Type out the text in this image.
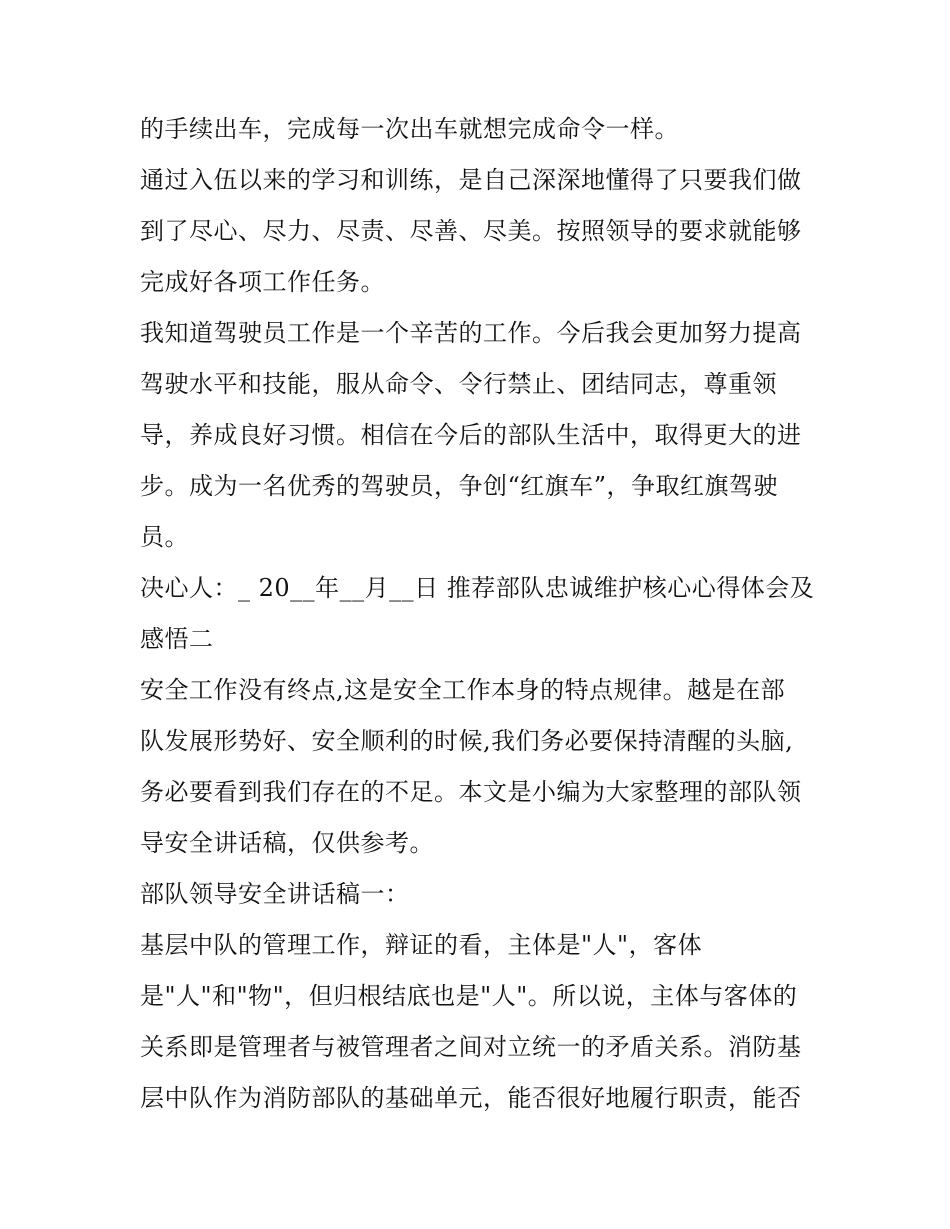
的手续出车，完成每一次出车就想完成命令一样。
通过入伍以来的学习和训练，是自己深深地懂得了只要我们做
到了尽心、尽力、尽责、尽善、尽美。按照领导的要求就能够
完成好各项工作任务。
我知道驾驶员工作是一个辛苦的工作。今后我会更加努力提高
驾驶水平和技能，服从命令、令行禁止、团结同志，尊重领
导，养成良好习惯。相信在今后的部队生活中，取得更大的进
步。成为一名优秀的驾驶员，争创“红旗车”，争取红旗驾驶
员。
决心人：_ 20__年__月__日 推荐部队忠诚维护核心心得体会及
感悟二
安全工作没有终点,这是安全工作本身的特点规律。越是在部
队发展形势好、安全顺利的时候,我们务必要保持清醒的头脑,
务必要看到我们存在的不足。本文是小编为大家整理的部队领
导安全讲话稿，仅供参考。
部队领导安全讲话稿一：
基层中队的管理工作，辩证的看，主体是"人"，客体
是"人"和"物"，但归根结底也是"人"。所以说，主体与客体的
关系即是管理者与被管理者之间对立统一的矛盾关系。消防基
层中队作为消防部队的基础单元，能否很好地履行职责，能否
